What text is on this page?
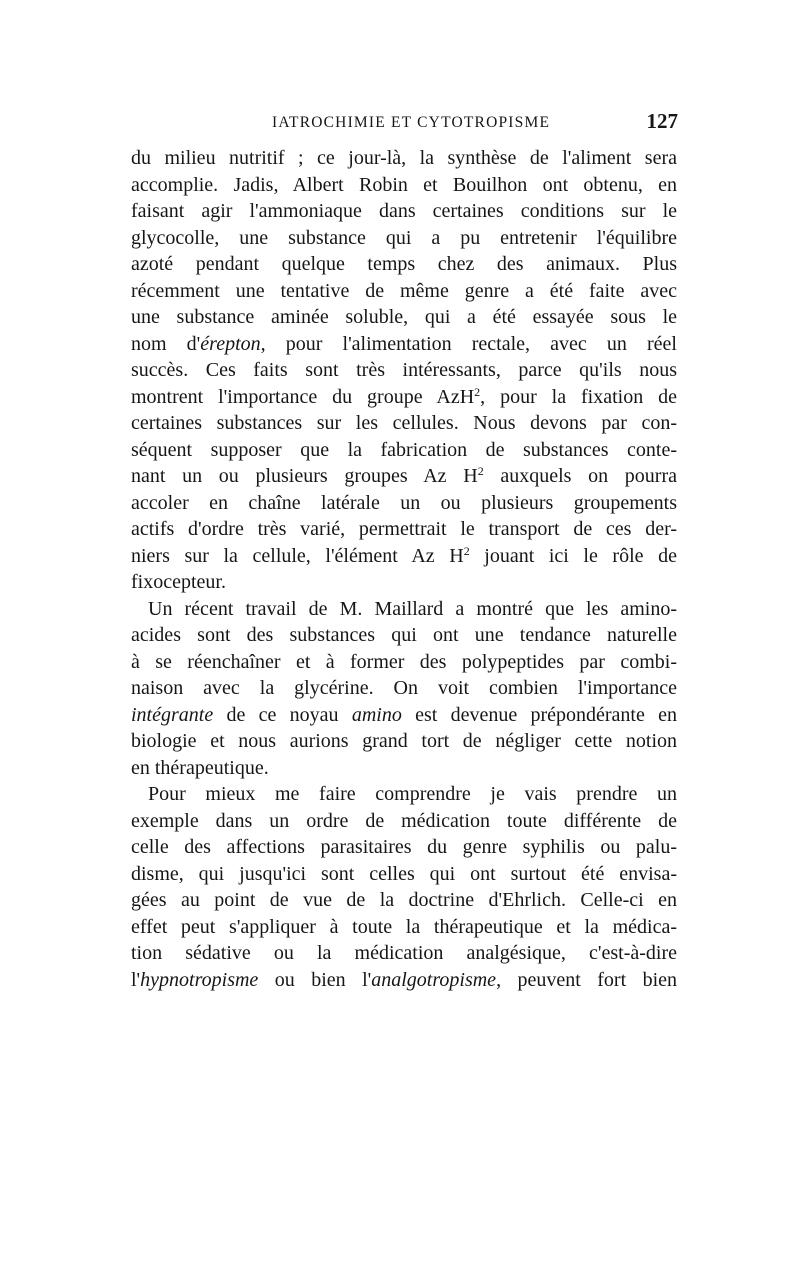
IATROCHIMIE ET CYTOTROPISME	127
du milieu nutritif ; ce jour-là, la synthèse de l'aliment sera
accomplie. Jadis, Albert Robin et Bouilhon ont obtenu, en
faisant agir l'ammoniaque dans certaines conditions sur le
glycocolle, une substance qui a pu entretenir l'équilibre
azoté pendant quelque temps chez des animaux. Plus
récemment une tentative de même genre a été faite avec
une substance aminée soluble, qui a été essayée sous le
nom d'érepton, pour l'alimentation rectale, avec un réel
succès. Ces faits sont très intéressants, parce qu'ils nous
montrent l'importance du groupe AzH$^2$, pour la fixation de
certaines substances sur les cellules. Nous devons par con-
séquent supposer que la fabrication de substances conte-
nant un ou plusieurs groupes Az $H^2$ auxquels on pourra
accoler en chaîne latérale un ou plusieurs groupements
actifs d'ordre très varié, permettrait le transport de ces der-
niers sur la cellule, l'élément Az $H^2$ jouant ici le rôle de
fixocepteur.
Un récent travail de M. Maillard a montré que les amino-
acides sont des substances qui ont une tendance naturelle
à se réenchaîner et à former des polypeptides par combi-
naison avec la glycérine. On voit combien l'importance
intégrante de ce noyau amino est devenue prépondérante en
biologie et nous aurions grand tort de négliger cette notion
en thérapeutique.
Pour mieux me faire comprendre je vais prendre un
exemple dans un ordre de médication toute différente de
celle des affections parasitaires du genre syphilis ou palu-
disme, qui jusqu'ici sont celles qui ont surtout été envisa-
gées au point de vue de la doctrine d'Ehrlich. Celle-ci en
effet peut s'appliquer à toute la thérapeutique et la médica-
tion sédative ou la médication analgésique, c'est-à-dire
l'hypnotropisme ou bien l'analgotropisme, peuvent fort bien
